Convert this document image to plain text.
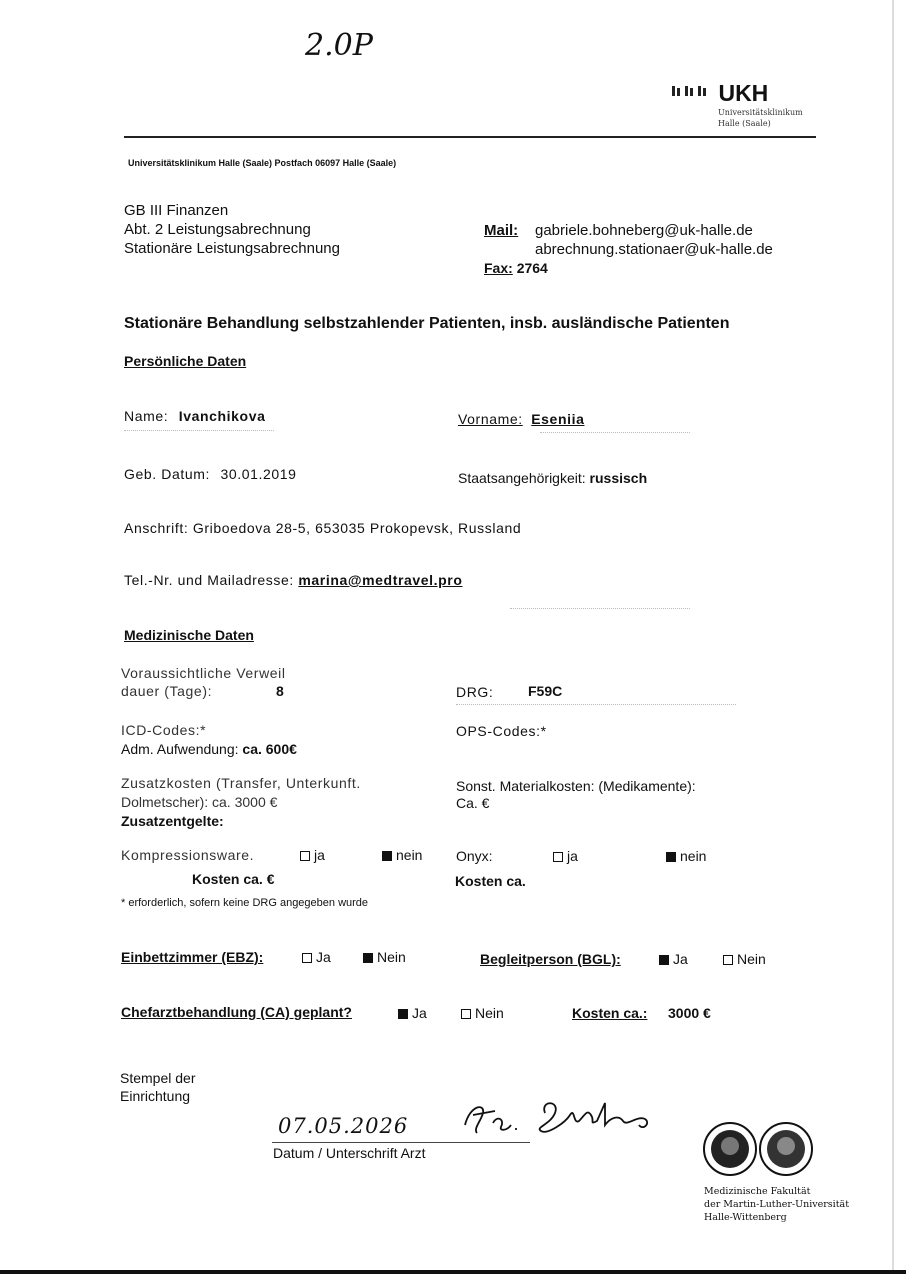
2.0P
UKH
Universitätsklinikum
Halle (Saale)
Universitätsklinikum Halle (Saale) Postfach 06097 Halle (Saale)
GB III Finanzen
Abt. 2 Leistungsabrechnung
Stationäre Leistungsabrechnung
Mail: gabriele.bohneberg@uk-halle.de
abrechnung.stationaer@uk-halle.de
Fax: 2764
Stationäre Behandlung selbstzahlender Patienten, insb. ausländische Patienten
Persönliche Daten
Name: Ivanchikova	Vorname: Eseniia
Geb. Datum: 30.01.2019	Staatsangehörigkeit: russisch
Anschrift: Griboedova 28-5, 653035 Prokopevsk, Russland
Tel.-Nr. und Mailadresse: marina@medtravel.pro
Medizinische Daten
Voraussichtliche Verweil
dauer (Tage):	8	DRG: F59C
ICD-Codes:*	OPS-Codes:*
Adm. Aufwendung: ca. 600€
Zusatzkosten (Transfer, Unterkunft.
Dolmetscher): ca. 3000 €
Sonst. Materialkosten: (Medikamente):
Ca. €
Zusatzentgelte:
Kompressionsware.	ja	nein Onyx:	ja	nein
Kosten ca. €	Kosten ca.
* erforderlich, sofern keine DRG angegeben wurde
Einbettzimmer (EBZ):	Ja	Nein	Begleitperson (BGL):	Ja	Nein
Chefarztbehandlung (CA) geplant?	Ja	Nein	Kosten ca.: 3000 €
Stempel der
Einrichtung
07.05.2026
Datum / Unterschrift Arzt
Medizinische Fakultät
der Martin-Luther-Universität
Halle-Wittenberg
